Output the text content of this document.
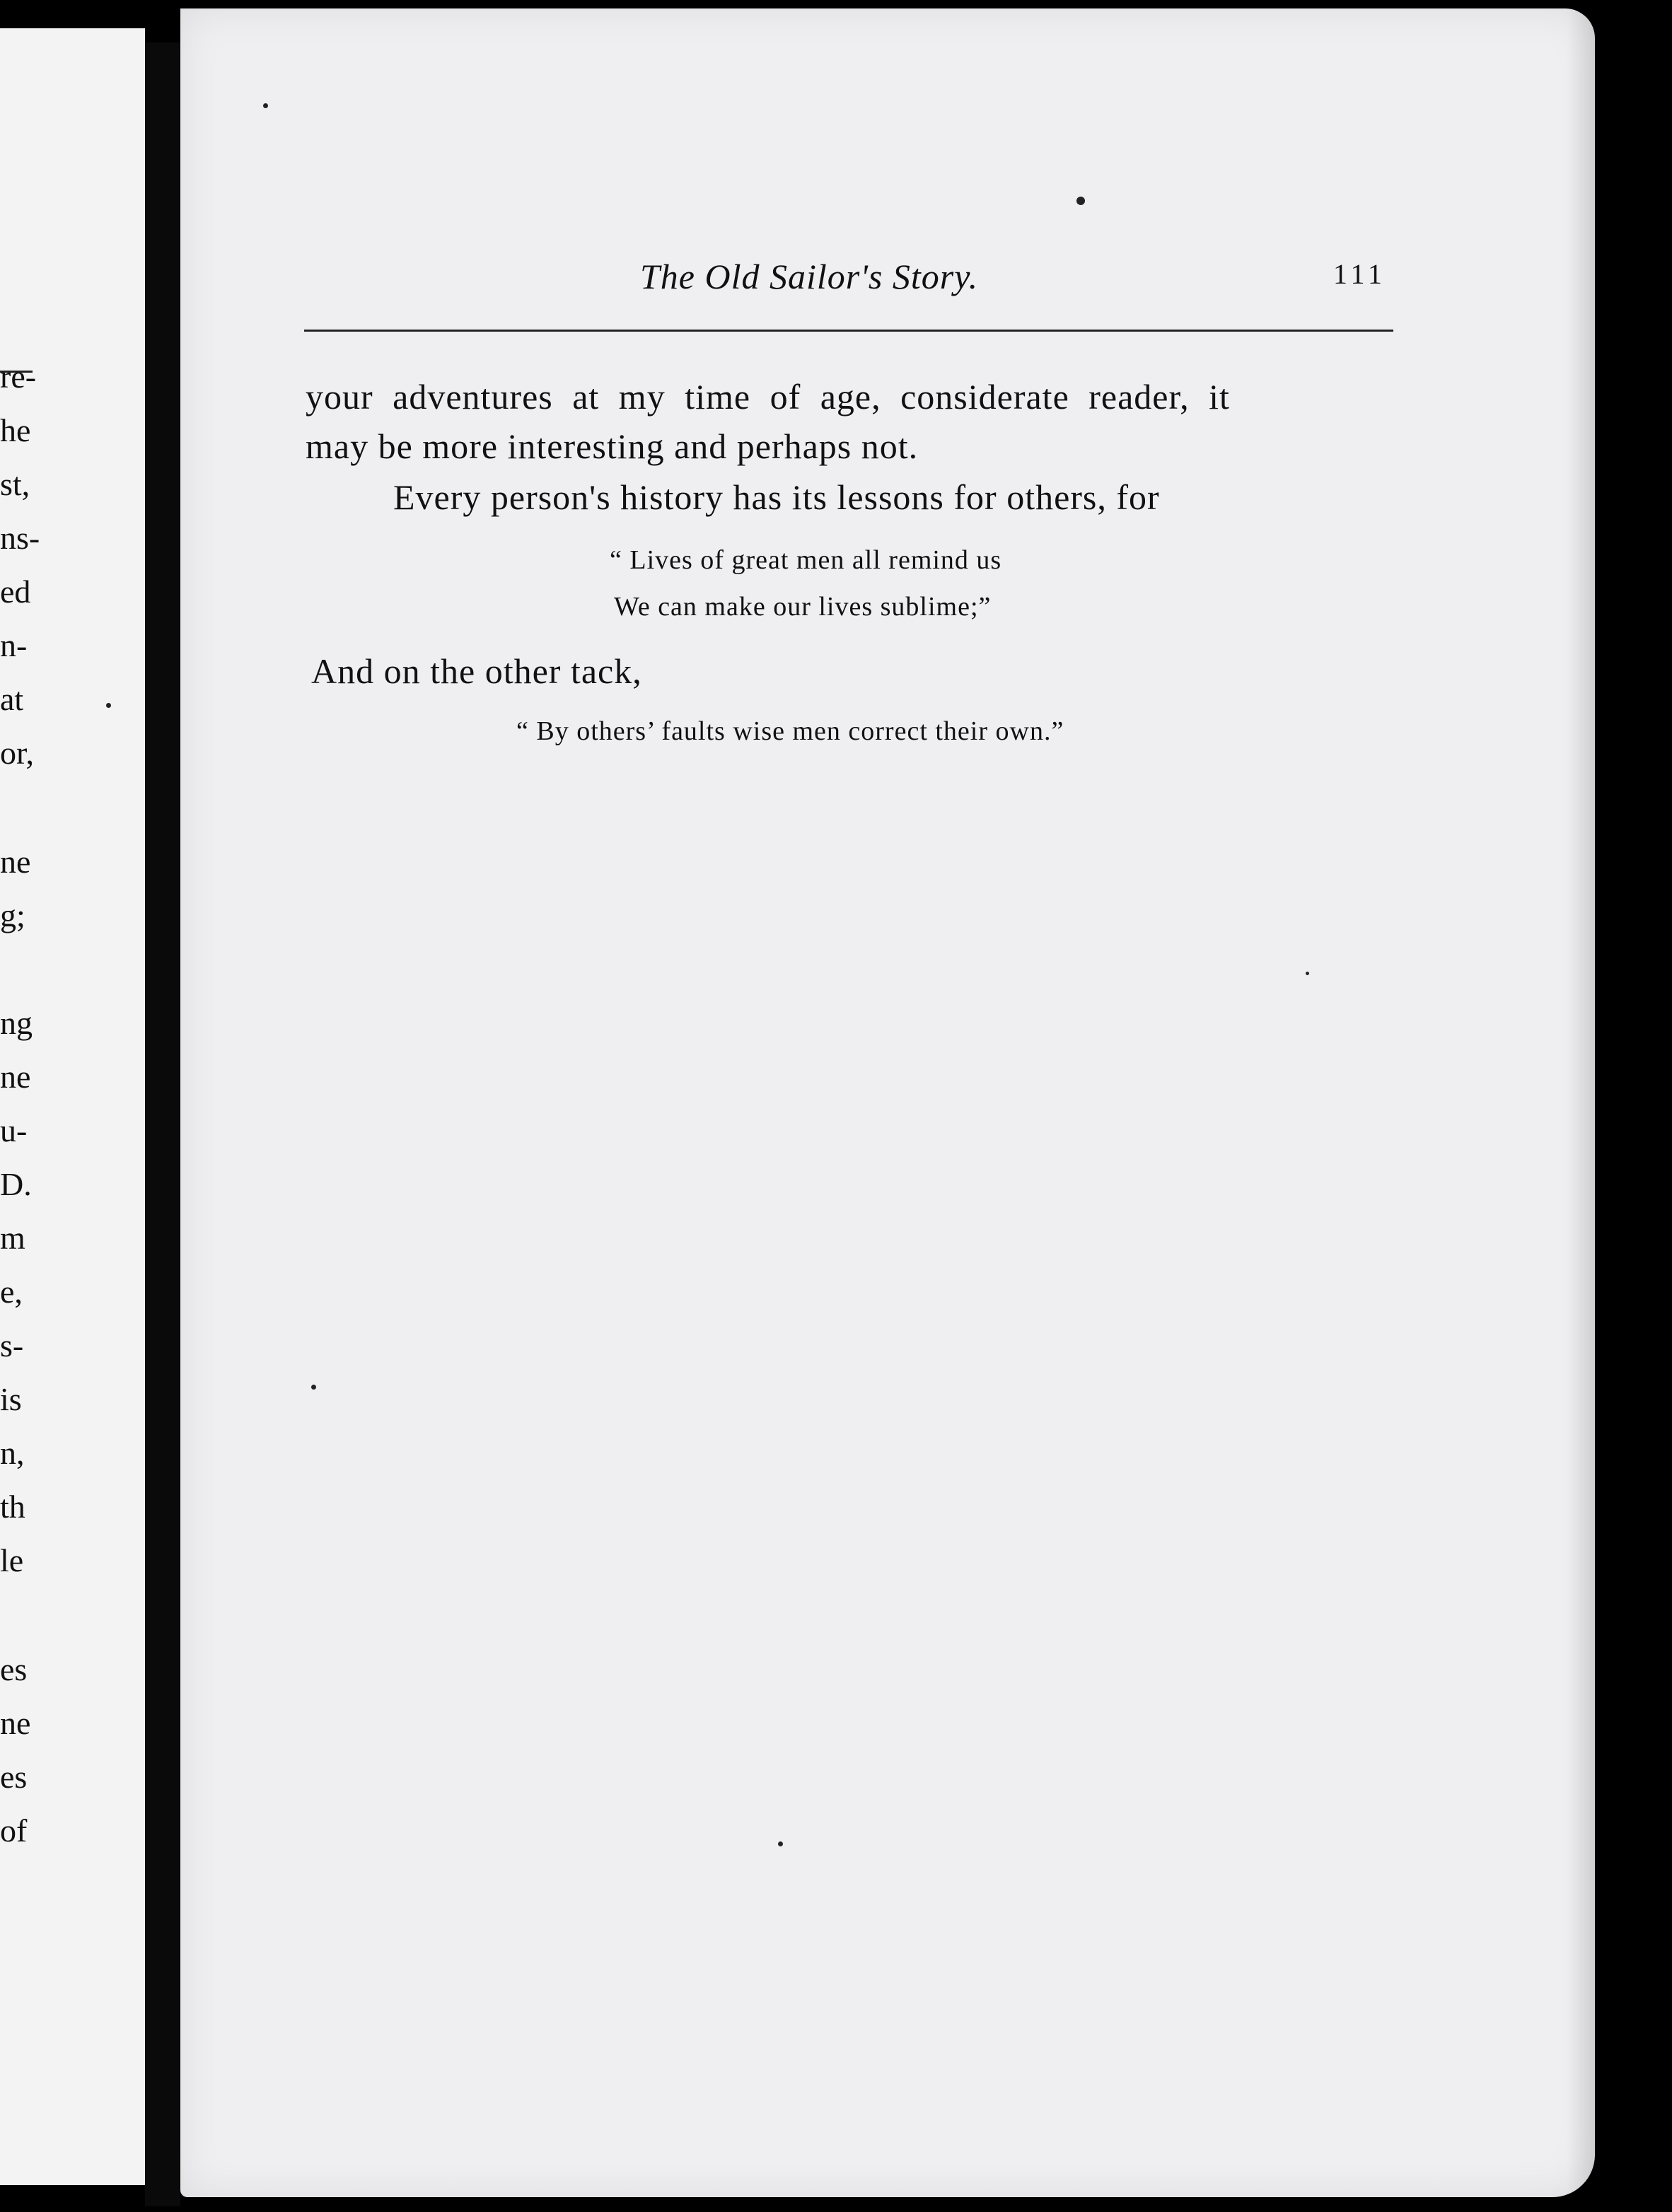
re-
he
st,
ns-
ed
n-
at
or,
ne
g;
ng
ne
u-
D.
m
e,
s-
is
n,
th
le
es
ne
es
of
The Old Sailor's Story.	111
your adventures at my time of age, considerate reader, it
may be more interesting and perhaps not.
Every person's history has its lessons for others, for
“ Lives of great men all remind us
We can make our lives sublime;”
And on the other tack,
“ By others’ faults wise men correct their own.”
